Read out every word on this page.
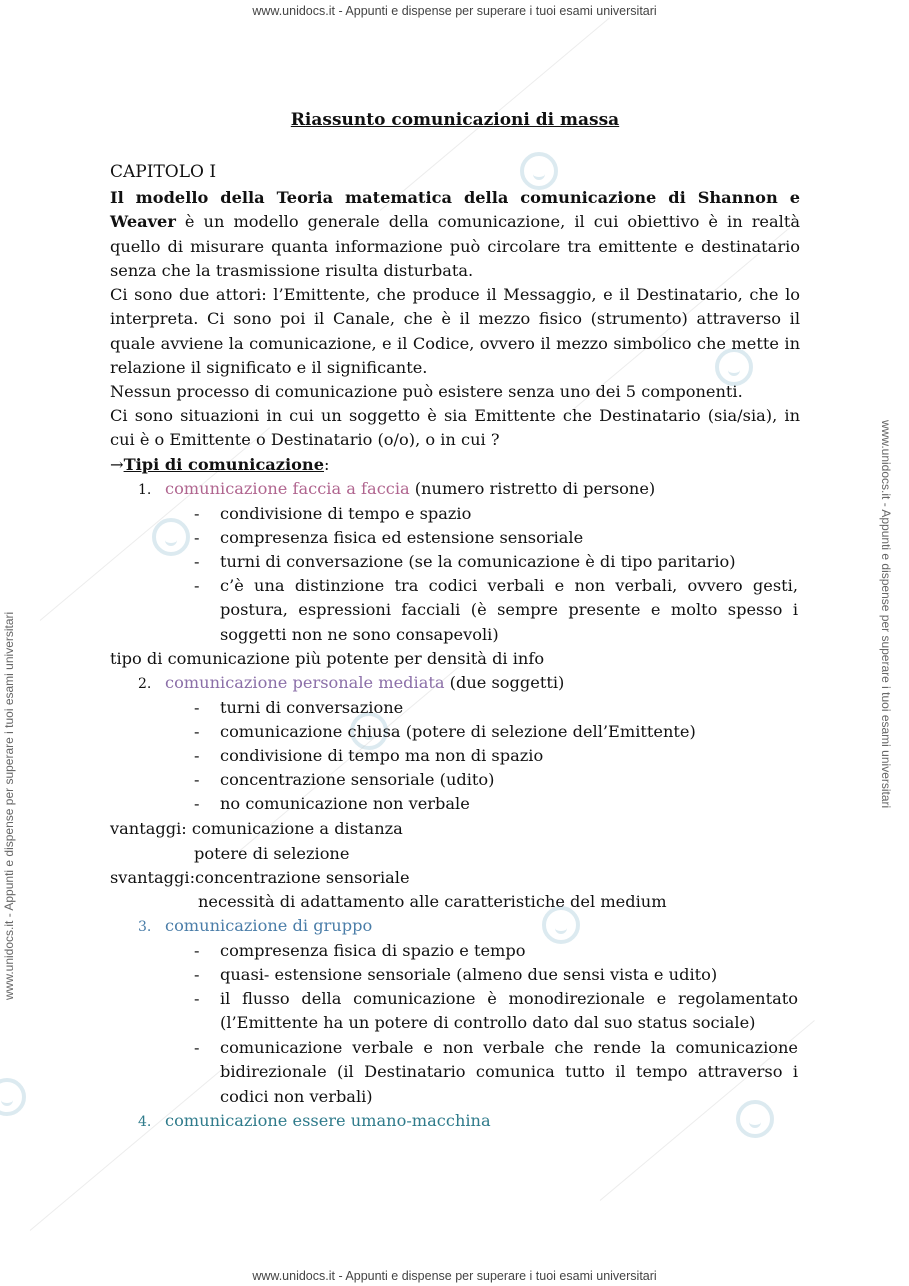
www.unidocs.it - Appunti e dispense per superare i tuoi esami universitari
www.unidocs.it - Appunti e dispense per superare i tuoi esami universitari
www.unidocs.it - Appunti e dispense per superare i tuoi esami universitari	www.unidocs.it - Appunti e dispense per superare i tuoi esami universitari
Riassunto comunicazioni di massa
CAPITOLO I
Il modello della Teoria matematica della comunicazione di Shannon e Weaver è un modello generale della comunicazione, il cui obiettivo è in realtà quello di misurare quanta informazione può circolare tra emittente e destinatario senza che la trasmissione risulta disturbata.
Ci sono due attori: l’Emittente, che produce il Messaggio, e il Destinatario, che lo interpreta. Ci sono poi il Canale, che è il mezzo fisico (strumento) attraverso il quale avviene la comunicazione, e il Codice, ovvero il mezzo simbolico che mette in relazione il significato e il significante.
Nessun processo di comunicazione può esistere senza uno dei 5 componenti.
Ci sono situazioni in cui un soggetto è sia Emittente che Destinatario (sia/sia), in cui è o Emittente o Destinatario (o/o), o in cui ?
→Tipi di comunicazione:
1. comunicazione faccia a faccia (numero ristretto di persone)
- condivisione di tempo e spazio
- compresenza fisica ed estensione sensoriale
- turni di conversazione (se la comunicazione è di tipo paritario)
- c’è una distinzione tra codici verbali e non verbali, ovvero gesti, postura, espressioni facciali (è sempre presente e molto spesso i soggetti non ne sono consapevoli)
tipo di comunicazione più potente per densità di info
2. comunicazione personale mediata (due soggetti)
- turni di conversazione
- comunicazione chiusa (potere di selezione dell’Emittente)
- condivisione di tempo ma non di spazio
- concentrazione sensoriale (udito)
- no comunicazione non verbale
vantaggi: comunicazione a distanza
potere di selezione
svantaggi:concentrazione sensoriale
necessità di adattamento alle caratteristiche del medium
3. comunicazione di gruppo
- compresenza fisica di spazio e tempo
- quasi- estensione sensoriale (almeno due sensi vista e udito)
- il flusso della comunicazione è monodirezionale e regolamentato (l’Emittente ha un potere di controllo dato dal suo status sociale)
- comunicazione verbale e non verbale che rende la comunicazione bidirezionale (il Destinatario comunica tutto il tempo attraverso i codici non verbali)
4. comunicazione essere umano-macchina
